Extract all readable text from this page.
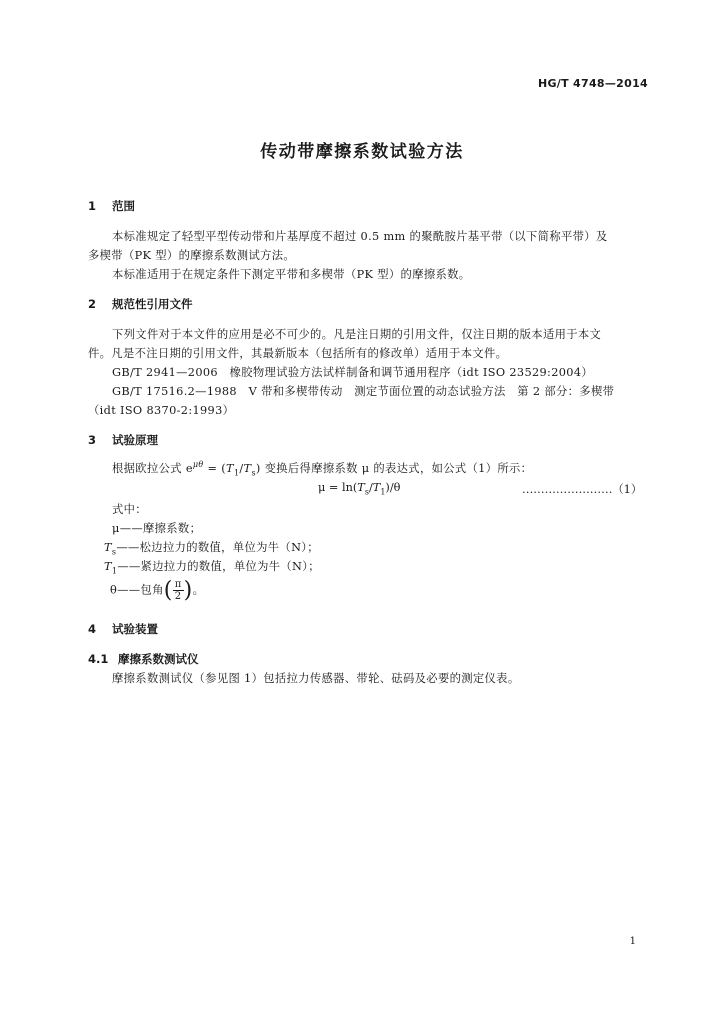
HG/T 4748—2014
传动带摩擦系数试验方法
1 范围
本标准规定了轻型平型传动带和片基厚度不超过 0.5 mm 的聚酰胺片基平带（以下简称平带）及
多楔带（PK 型）的摩擦系数测试方法。
本标准适用于在规定条件下测定平带和多楔带（PK 型）的摩擦系数。
2 规范性引用文件
下列文件对于本文件的应用是必不可少的。凡是注日期的引用文件，仅注日期的版本适用于本文
件。凡是不注日期的引用文件，其最新版本（包括所有的修改单）适用于本文件。
GB/T 2941—2006　橡胶物理试验方法试样制备和调节通用程序（idt ISO 23529:2004）
GB/T 17516.2—1988　V 带和多楔带传动　测定节面位置的动态试验方法　第 2 部分：多楔带
（idt ISO 8370-2:1993）
3 试验原理
根据欧拉公式 $e^{\mu\theta} = (T_1/T_s)$ 变换后得摩擦系数 μ 的表达式，如公式（1）所示：
$\mu = \ln(T_s/T_1)/\theta$	……………………（1）
式中：
μ——摩擦系数；
$T_s——$松边拉力的数值，单位为牛（N）；
$T_1——$紧边拉力的数值，单位为牛（N）；
θ——包角( $\frac{\pi}{2}$ )。
4 试验装置
4.1 摩擦系数测试仪
摩擦系数测试仪（参见图 1）包括拉力传感器、带轮、砝码及必要的测定仪表。
1
